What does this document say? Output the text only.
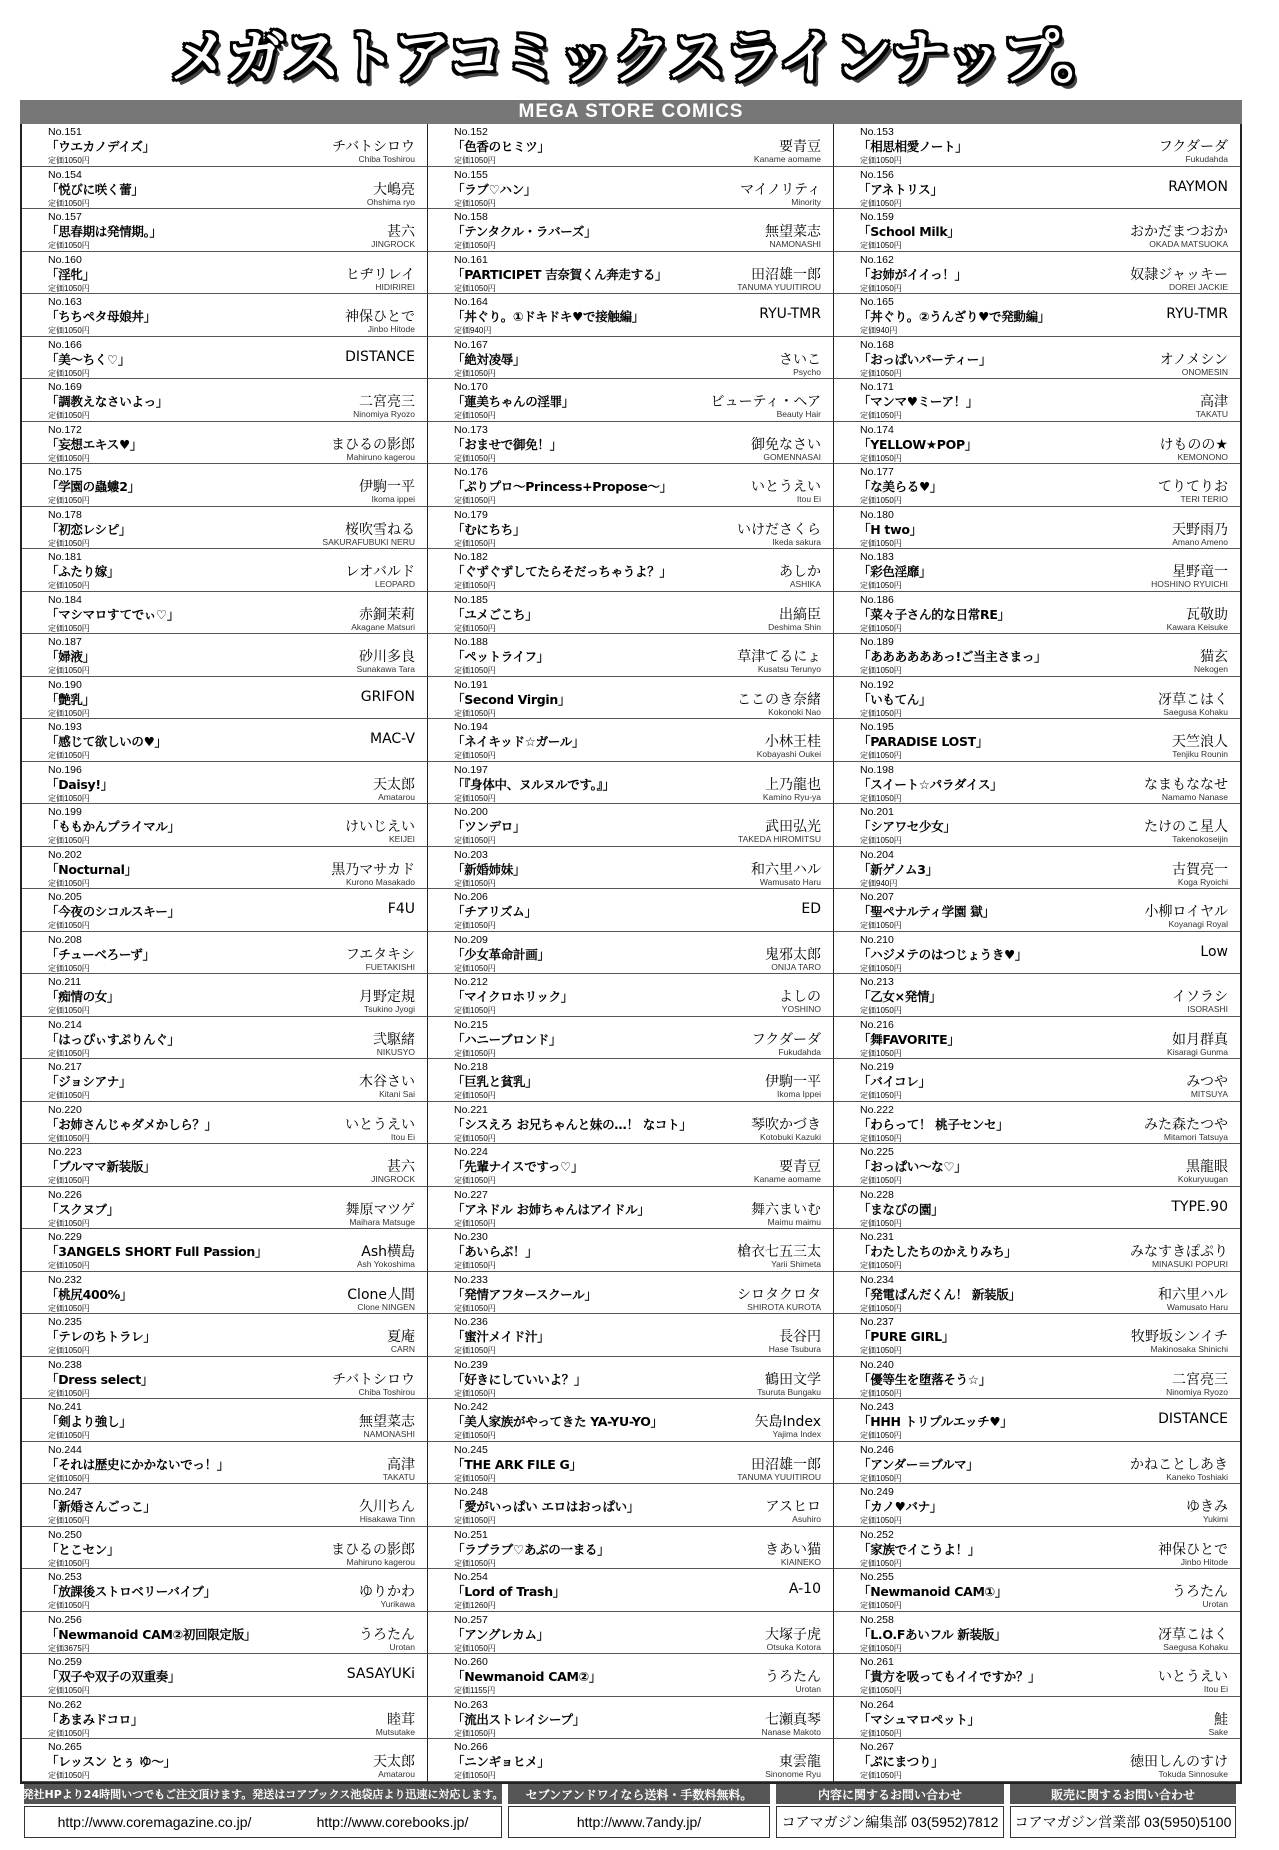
メガストアコミックスラインナップ。
MEGA STORE COMICS
No.151
「ウエカノデイズ」
定価1050円
チバトシロウ
Chiba Toshirou
No.154
「悦びに咲く蕾」
定価1050円
大嶋亮
Ohshima ryo
No.157
「思春期は発情期。」
定価1050円
甚六
JINGROCK
No.160
「淫牝」
定価1050円
ヒヂリレイ
HIDIRIREI
No.163
「ちちペタ母娘丼」
定価1050円
神保ひとで
Jinbo Hitode
No.166
「美～ちく♡」
定価1050円
DISTANCE
No.169
「調教えなさいよっ」
定価1050円
二宮亮三
Ninomiya Ryozo
No.172
「妄想エキス♥」
定価1050円
まひるの影郎
Mahiruno kagerou
No.175
「学園の蟲螻2」
定価1050円
伊駒一平
Ikoma ippei
No.178
「初恋レシピ」
定価1050円
桜吹雪ねる
SAKURAFUBUKI NERU
No.181
「ふたり嫁」
定価1050円
レオバルド
LEOPARD
No.184
「マシマロすてでぃ♡」
定価1050円
赤銅茉莉
Akagane Matsuri
No.187
「婦液」
定価1050円
砂川多良
Sunakawa Tara
No.190
「艶乳」
定価1050円
GRIFON
No.193
「感じて欲しいの♥」
定価1050円
MAC-V
No.196
「Daisy!」
定価1050円
天太郎
Amatarou
No.199
「ももかんプライマル」
定価1050円
けいじえい
KEIJEI
No.202
「Nocturnal」
定価1050円
黒乃マサカド
Kurono Masakado
No.205
「今夜のシコルスキー」
定価1050円
F4U
No.208
「チューべろーず」
定価1050円
フエタキシ
FUETAKISHI
No.211
「痴情の女」
定価1050円
月野定規
Tsukino Jyogi
No.214
「はっぴぃすぷりんぐ」
定価1050円
弐駆緒
NIKUSYO
No.217
「ジョシアナ」
定価1050円
木谷さい
Kitani Sai
No.220
「お姉さんじゃダメかしら？」
定価1050円
いとうえい
Itou Ei
No.223
「ブルママ新装版」
定価1050円
甚六
JINGROCK
No.226
「スクヌブ」
定価1050円
舞原マツゲ
Maihara Matsuge
No.229
「3ANGELS SHORT Full Passion」
定価1050円
Ash横島
Ash Yokoshima
No.232
「桃尻400%」
定価1050円
Clone人間
Clone NINGEN
No.235
「テレのちトラレ」
定価1050円
夏庵
CARN
No.238
「Dress select」
定価1050円
チバトシロウ
Chiba Toshirou
No.241
「剣より強し」
定価1050円
無望菜志
NAMONASHI
No.244
「それは歴史にかかないでっ！」
定価1050円
高津
TAKATU
No.247
「新婚さんごっこ」
定価1050円
久川ちん
Hisakawa Tinn
No.250
「とこセン」
定価1050円
まひるの影郎
Mahiruno kagerou
No.253
「放課後ストロベリーバイブ」
定価1050円
ゆりかわ
Yurikawa
No.256
「Newmanoid CAM②初回限定版」
定価3675円
うろたん
Urotan
No.259
「双子や双子の双重奏」
定価1050円
SASAYUKi
No.262
「あまみドコロ」
定価1050円
睦茸
Mutsutake
No.265
「レッスン とぅ ゆ～」
定価1050円
天太郎
Amatarou
No.152
「色香のヒミツ」
定価1050円
要青豆
Kaname aomame
No.155
「ラブ♡ハン」
定価1050円
マイノリティ
Minority
No.158
「テンタクル・ラバーズ」
定価1050円
無望菜志
NAMONASHI
No.161
「PARTICIPET 吉奈賀くん奔走する」
定価1050円
田沼雄一郎
TANUMA YUUITIROU
No.164
「丼ぐり。①ドキドキ♥で接触編」
定価940円
RYU-TMR
No.167
「絶対凌辱」
定価1050円
さいこ
Psycho
No.170
「蓮美ちゃんの淫罪」
定価1050円
ビューティ・ヘア
Beauty Hair
No.173
「おませで御免！」
定価1050円
御免なさい
GOMENNASAI
No.176
「ぷりプロ～Princess+Propose～」
定価1050円
いとうえい
Itou Ei
No.179
「むにちち」
定価1050円
いけださくら
Ikeda sakura
No.182
「ぐずぐずしてたらそだっちゃうよ？」
定価1050円
あしか
ASHIKA
No.185
「ユメごこち」
定価1050円
出縞臣
Deshima Shin
No.188
「ペットライフ」
定価1050円
草津てるにょ
Kusatsu Terunyo
No.191
「Second Virgin」
定価1050円
ここのき奈緒
Kokonoki Nao
No.194
「ネイキッド☆ガール」
定価1050円
小林王桂
Kobayashi Oukei
No.197
「『身体中、ヌルヌルです。』」
定価1050円
上乃龍也
Kamino Ryu-ya
No.200
「ツンデロ」
定価1050円
武田弘光
TAKEDA HIROMITSU
No.203
「新婚姉妹」
定価1050円
和六里ハル
Wamusato Haru
No.206
「チアリズム」
定価1050円
ED
No.209
「少女革命計画」
定価1050円
鬼邪太郎
ONIJA TARO
No.212
「マイクロホリック」
定価1050円
よしの
YOSHINO
No.215
「ハニーブロンド」
定価1050円
フクダーダ
Fukudahda
No.218
「巨乳と貧乳」
定価1050円
伊駒一平
Ikoma Ippei
No.221
「シスえろ お兄ちゃんと妹の…！ なコト」
定価1050円
琴吹かづき
Kotobuki Kazuki
No.224
「先輩ナイスですっ♡」
定価1050円
要青豆
Kaname aomame
No.227
「アネドル お姉ちゃんはアイドル」
定価1050円
舞六まいむ
Maimu maimu
No.230
「あいらぶ！」
定価1050円
槍衣七五三太
Yarii Shimeta
No.233
「発情アフタースクール」
定価1050円
シロタクロタ
SHIROTA KUROTA
No.236
「蜜汁メイド汁」
定価1050円
長谷円
Hase Tsubura
No.239
「好きにしていいよ？」
定価1050円
鶴田文学
Tsuruta Bungaku
No.242
「美人家族がやってきた YA-YU-YO」
定価1050円
矢島Index
Yajima Index
No.245
「THE ARK FILE G」
定価1050円
田沼雄一郎
TANUMA YUUITIROU
No.248
「愛がいっぱい エロはおっぱい」
定価1050円
アスヒロ
Asuhiro
No.251
「ラブラブ♡あぶの一まる」
定価1050円
きあい猫
KIAINEKO
No.254
「Lord of Trash」
定価1260円
A-10
No.257
「アングレカム」
定価1050円
大塚子虎
Otsuka Kotora
No.260
「Newmanoid CAM②」
定価1155円
うろたん
Urotan
No.263
「流出ストレイシープ」
定価1050円
七瀬真琴
Nanase Makoto
No.266
「ニンギョヒメ」
定価1050円
東雲龍
Sinonome Ryu
No.153
「相思相愛ノート」
定価1050円
フクダーダ
Fukudahda
No.156
「アネトリス」
定価1050円
RAYMON
No.159
「School Milk」
定価1050円
おかだまつおか
OKADA MATSUOKA
No.162
「お姉がイイっ！」
定価1050円
奴隷ジャッキー
DOREI JACKIE
No.165
「丼ぐり。②うんざり♥で発動編」
定価940円
RYU-TMR
No.168
「おっぱいパーティー」
定価1050円
オノメシン
ONOMESIN
No.171
「マンマ♥ミーア！」
定価1050円
高津
TAKATU
No.174
「YELLOW★POP」
定価1050円
けものの★
KEMONONO
No.177
「な美らる♥」
定価1050円
てりてりお
TERI TERIO
No.180
「H two」
定価1050円
天野雨乃
Amano Ameno
No.183
「彩色淫靡」
定価1050円
星野竜一
HOSHINO RYUICHI
No.186
「菜々子さん的な日常RE」
定価1050円
瓦敬助
Kawara Keisuke
No.189
「ああああああっ!ご当主さまっ」
定価1050円
猫玄
Nekogen
No.192
「いもてん」
定価1050円
冴草こはく
Saegusa Kohaku
No.195
「PARADISE LOST」
定価1050円
天竺浪人
Tenjiku Rounin
No.198
「スイート☆パラダイス」
定価1050円
なまもななせ
Namamo Nanase
No.201
「シアワセ少女」
定価1050円
たけのこ星人
Takenokoseijin
No.204
「新ゲノム3」
定価940円
古賀亮一
Koga Ryoichi
No.207
「聖ペナルティ学園 獄」
定価1050円
小柳ロイヤル
Koyanagi Royal
No.210
「ハジメテのはつじょうき♥」
定価1050円
Low
No.213
「乙女×発情」
定価1050円
イソラシ
ISORASHI
No.216
「舞FAVORITE」
定価1050円
如月群真
Kisaragi Gunma
No.219
「バイコレ」
定価1050円
みつや
MITSUYA
No.222
「わらって！ 桃子センセ」
定価1050円
みた森たつや
Mitamori Tatsuya
No.225
「おっぱい～な♡」
定価1050円
黒龍眼
Kokuryuugan
No.228
「まなびの園」
定価1050円
TYPE.90
No.231
「わたしたちのかえりみち」
定価1050円
みなすきぽぷり
MINASUKI POPURI
No.234
「発電ぱんだくん！ 新装版」
定価1050円
和六里ハル
Wamusato Haru
No.237
「PURE GIRL」
定価1050円
牧野坂シンイチ
Makinosaka Shinichi
No.240
「優等生を堕落そう☆」
定価1050円
二宮亮三
Ninomiya Ryozo
No.243
「HHH トリプルエッチ♥」
定価1050円
DISTANCE
No.246
「アンダー＝ブルマ」
定価1050円
かねことしあき
Kaneko Toshiaki
No.249
「カノ♥バナ」
定価1050円
ゆきみ
Yukimi
No.252
「家族でイこうよ！」
定価1050円
神保ひとで
Jinbo Hitode
No.255
「Newmanoid CAM①」
定価1050円
うろたん
Urotan
No.258
「L.O.Fあいフル 新装版」
定価1050円
冴草こはく
Saegusa Kohaku
No.261
「貴方を吸ってもイイですか？」
定価1050円
いとうえい
Itou Ei
No.264
「マシュマロペット」
定価1050円
鮭
Sake
No.267
「ぷにまつり」
定価1050円
徳田しんのすけ
Tokuda Sinnosuke
発社HPより24時間いつでもご注文頂けます。発送はコアブックス池袋店より迅速に対応します。
http://www.coremagazine.co.jp/	http://www.corebooks.jp/
セブンアンドワイなら送料・手数料無料。
http://www.7andy.jp/
内容に関するお問い合わせ
コアマガジン編集部 03(5952)7812
販売に関するお問い合わせ
コアマガジン営業部 03(5950)5100
